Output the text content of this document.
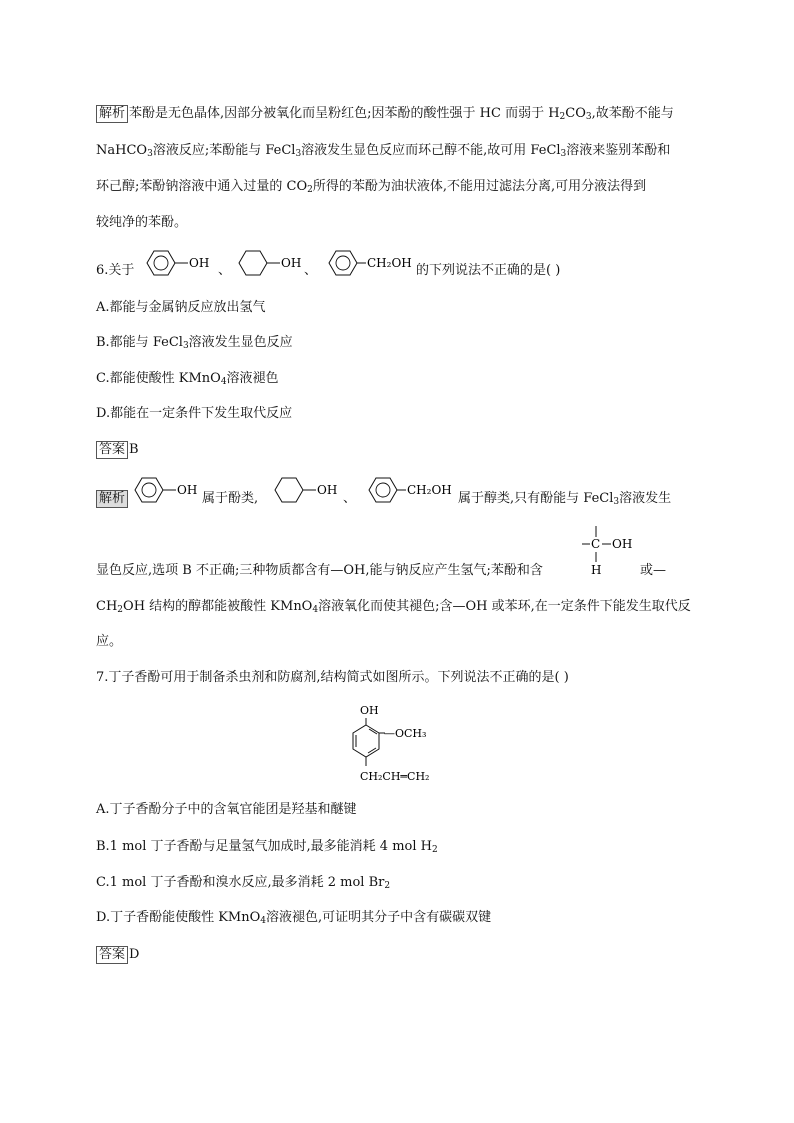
解析 苯酚是无色晶体,因部分被氧化而呈粉红色;因苯酚的酸性强于 HC 而弱于 $H_2CO_3$,故苯酚不能与
NaHCO$_3$溶液反应;苯酚能与 FeCl$_3$溶液发生显色反应而环己醇不能,故可用 FeCl$_3$溶液来鉴别苯酚和
环己醇;苯酚钠溶液中通入过量的 $CO_2$所得的苯酚为油状液体,不能用过滤法分离,可用分液法得到
较纯净的苯酚。
6.关于	OH 、	OH 、	CH₂OH 的下列说法不正确的是( )
A.都能与金属钠反应放出氢气
B.都能与 FeCl$_3$溶液发生显色反应
C.都能使酸性 KMnO$_4$溶液褪色
D.都能在一定条件下发生取代反应
答案 B
解析
OH
属于酚类,
OH
、
CH₂OH
属于醇类,只有酚能与 FeCl$_3$溶液发生
C OH
H
显色反应,选项 B 不正确;三种物质都含有—OH,能与钠反应产生氢气;苯酚和含	或—
$CH_2OH$ 结构的醇都能被酸性 KMnO$_4$溶液氧化而使其褪色;含—OH 或苯环,在一定条件下能发生取代反
应。
7.丁子香酚可用于制备杀虫剂和防腐剂,结构简式如图所示。下列说法不正确的是( )
OH
—OCH₃
CH₂CH═CH₂
A.丁子香酚分子中的含氧官能团是羟基和醚键
B.1 mol 丁子香酚与足量氢气加成时,最多能消耗 4 mol $H_2$
C.1 mol 丁子香酚和溴水反应,最多消耗 2 mol $Br_2$
D.丁子香酚能使酸性 KMnO$_4$溶液褪色,可证明其分子中含有碳碳双键
答案 D
